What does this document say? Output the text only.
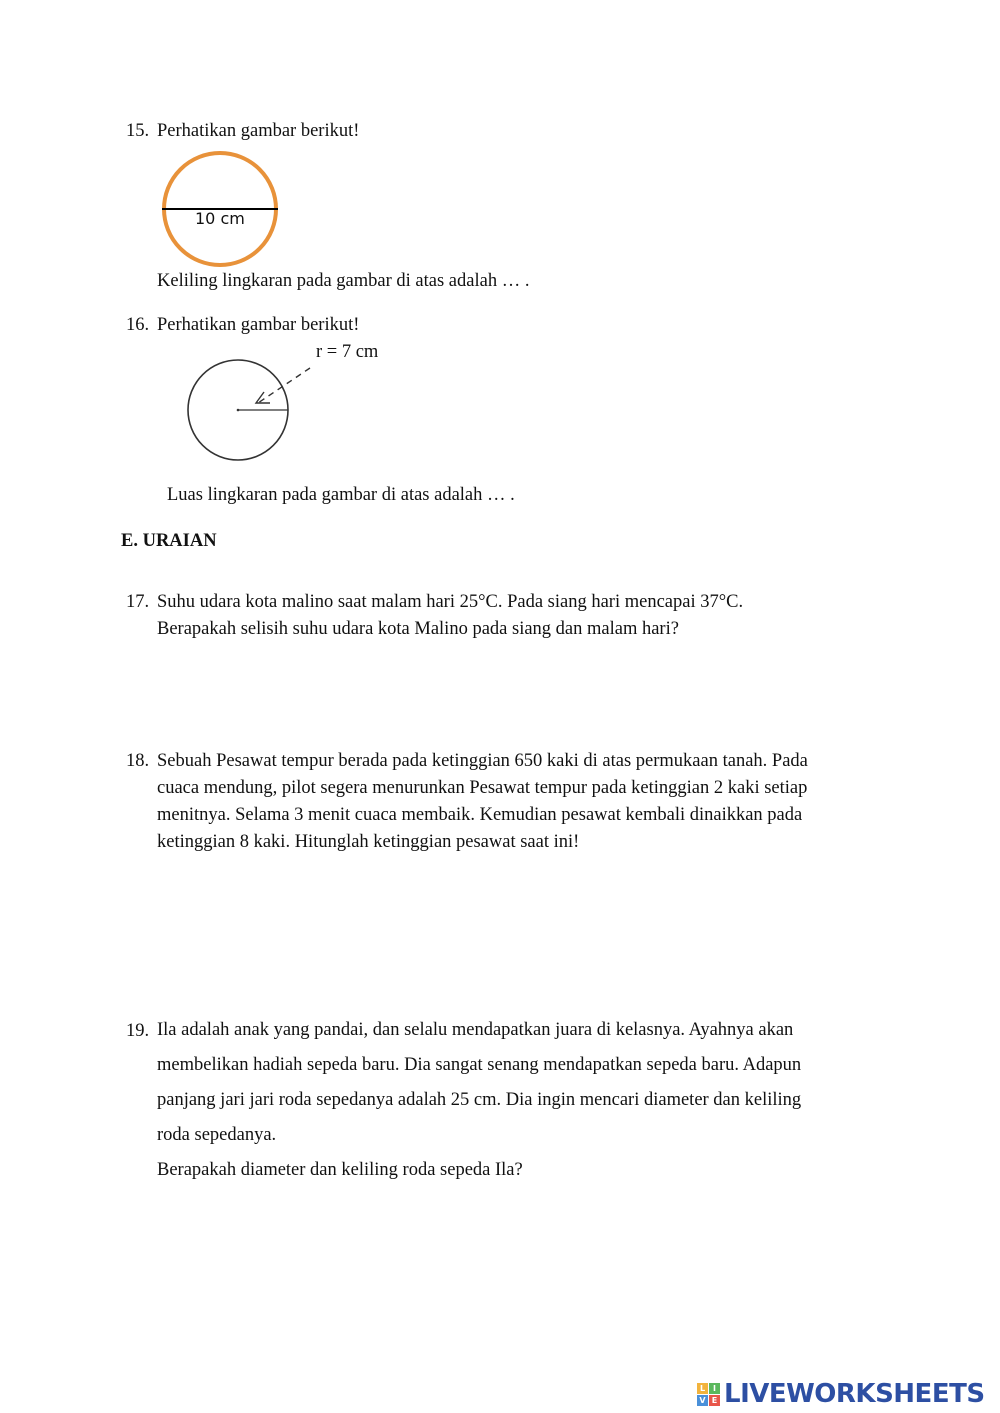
15. Perhatikan gambar berikut!
10 cm
Keliling lingkaran pada gambar di atas adalah … .
16. Perhatikan gambar berikut!
r = 7 cm
Luas lingkaran pada gambar di atas adalah … .
E. URAIAN
17. Suhu udara kota malino saat malam hari 25°C. Pada siang hari mencapai 37°C.
Berapakah selisih suhu udara kota Malino pada siang dan malam hari?
18. Sebuah Pesawat tempur berada pada ketinggian 650 kaki di atas permukaan tanah. Pada
cuaca mendung, pilot segera menurunkan Pesawat tempur pada ketinggian 2 kaki setiap
menitnya. Selama 3 menit cuaca membaik. Kemudian pesawat kembali dinaikkan pada
ketinggian 8 kaki. Hitunglah ketinggian pesawat saat ini!
19. Ila adalah anak yang pandai, dan selalu mendapatkan juara di kelasnya. Ayahnya akan
membelikan hadiah sepeda baru. Dia sangat senang mendapatkan sepeda baru. Adapun
panjang jari jari roda sepedanya adalah 25 cm. Dia ingin mencari diameter dan keliling
roda sepedanya.
Berapakah diameter dan keliling roda sepeda Ila?
L I
V E LIVEWORKSHEETS
